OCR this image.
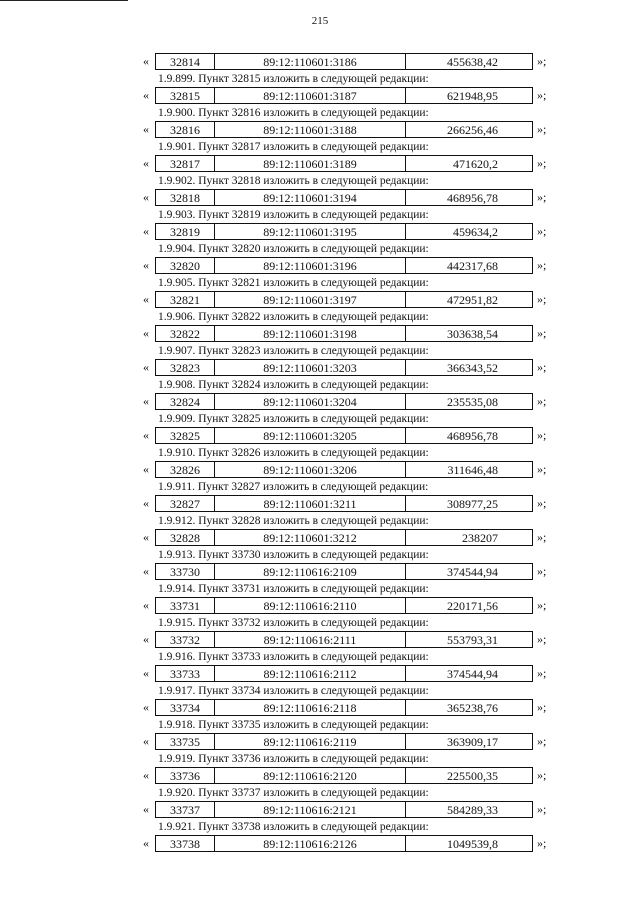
215
«	32814	89:12:110601:3186	455638,42	»;
1.9.899. Пункт 32815 изложить в следующей редакции:
«	32815	89:12:110601:3187	621948,95	»;
1.9.900. Пункт 32816 изложить в следующей редакции:
«	32816	89:12:110601:3188	266256,46	»;
1.9.901. Пункт 32817 изложить в следующей редакции:
«	32817	89:12:110601:3189	471620,2	»;
1.9.902. Пункт 32818 изложить в следующей редакции:
«	32818	89:12:110601:3194	468956,78	»;
1.9.903. Пункт 32819 изложить в следующей редакции:
«	32819	89:12:110601:3195	459634,2	»;
1.9.904. Пункт 32820 изложить в следующей редакции:
«	32820	89:12:110601:3196	442317,68	»;
1.9.905. Пункт 32821 изложить в следующей редакции:
«	32821	89:12:110601:3197	472951,82	»;
1.9.906. Пункт 32822 изложить в следующей редакции:
«	32822	89:12:110601:3198	303638,54	»;
1.9.907. Пункт 32823 изложить в следующей редакции:
«	32823	89:12:110601:3203	366343,52	»;
1.9.908. Пункт 32824 изложить в следующей редакции:
«	32824	89:12:110601:3204	235535,08	»;
1.9.909. Пункт 32825 изложить в следующей редакции:
«	32825	89:12:110601:3205	468956,78	»;
1.9.910. Пункт 32826 изложить в следующей редакции:
«	32826	89:12:110601:3206	311646,48	»;
1.9.911. Пункт 32827 изложить в следующей редакции:
«	32827	89:12:110601:3211	308977,25	»;
1.9.912. Пункт 32828 изложить в следующей редакции:
«	32828	89:12:110601:3212	238207	»;
1.9.913. Пункт 33730 изложить в следующей редакции:
«	33730	89:12:110616:2109	374544,94	»;
1.9.914. Пункт 33731 изложить в следующей редакции:
«	33731	89:12:110616:2110	220171,56	»;
1.9.915. Пункт 33732 изложить в следующей редакции:
«	33732	89:12:110616:2111	553793,31	»;
1.9.916. Пункт 33733 изложить в следующей редакции:
«	33733	89:12:110616:2112	374544,94	»;
1.9.917. Пункт 33734 изложить в следующей редакции:
«	33734	89:12:110616:2118	365238,76	»;
1.9.918. Пункт 33735 изложить в следующей редакции:
«	33735	89:12:110616:2119	363909,17	»;
1.9.919. Пункт 33736 изложить в следующей редакции:
«	33736	89:12:110616:2120	225500,35	»;
1.9.920. Пункт 33737 изложить в следующей редакции:
«	33737	89:12:110616:2121	584289,33	»;
1.9.921. Пункт 33738 изложить в следующей редакции:
«	33738	89:12:110616:2126	1049539,8	»;
